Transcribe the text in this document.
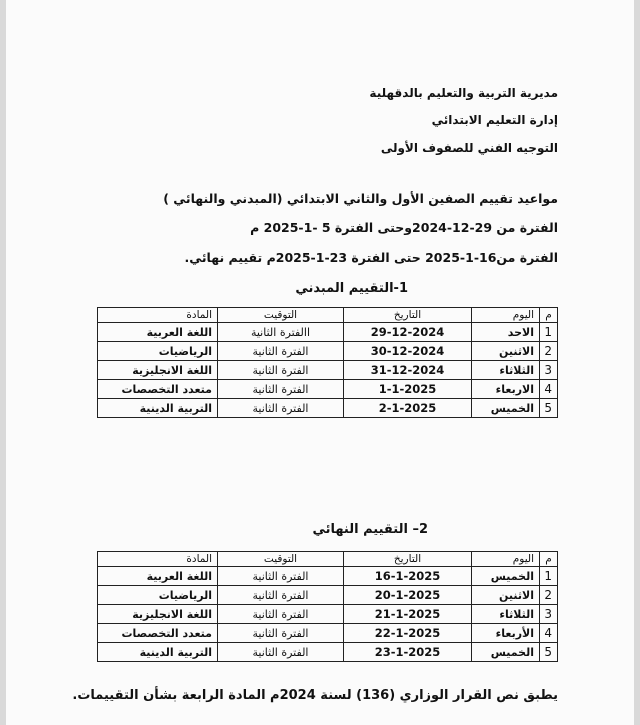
مديرية التربية والتعليم بالدقهلية
إدارة التعليم الابتدائي
التوجيه الفني للصفوف الأولى
مواعيد تقييم الصفين الأول والثاني الابتدائي (المبدني والنهائي )
الفترة من 29-12-2024وحتى الفترة 5 -1-2025 م
الفترة من16-1-2025 حتى الفترة 23-1-2025م تقييم نهائي.
1-التقييم المبدني
م	اليوم	التاريخ	التوقيت	المادة
1	الاحد	29-12-2024	االفترة الثانية	اللغة العربية
2	الاثنين	30-12-2024	الفترة الثانية	الرياضيات
3	الثلاثاء	31-12-2024	الفترة الثانية	اللغة الانجليزية
4	الاربعاء	1-1-2025	الفترة الثانية	متعدد التخصصات
5	الخميس	2-1-2025	الفترة الثانية	التربية الدينية
2– التقييم النهائي
م	اليوم	التاريخ	التوقيت	المادة
1	الخميس	16-1-2025	الفترة الثانية	اللغة العربية
2	الاثنين	20-1-2025	الفترة الثانية	الرياضيات
3	الثلاثاء	21-1-2025	الفترة الثانية	اللغة الانجليزية
4	الأربعاء	22-1-2025	الفترة الثانية	متعدد التخصصات
5	الخميس	23-1-2025	الفترة الثانية	التربية الدينية
يطبق نص القرار الوزاري (136) لسنة 2024م المادة الرابعة بشأن التقييمات.
